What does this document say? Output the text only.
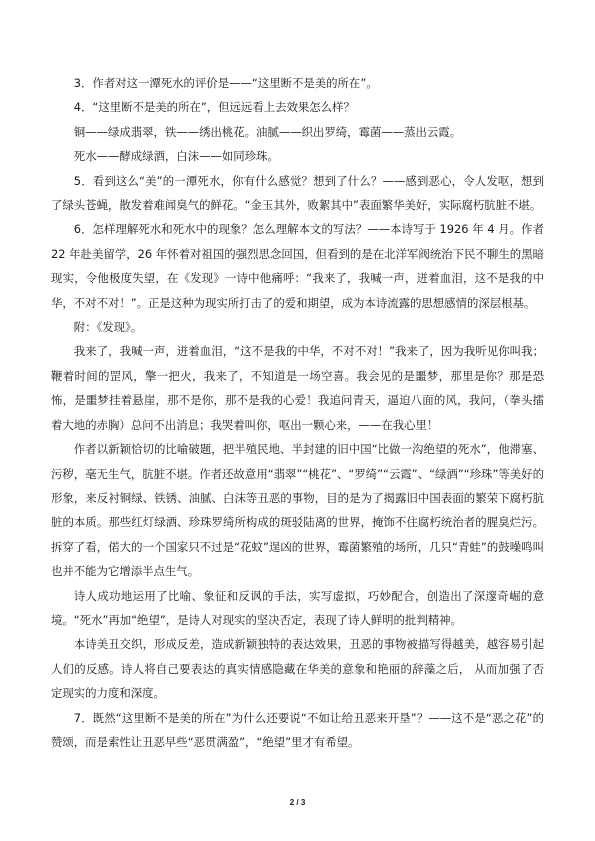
3．作者对这一潭死水的评价是——“这里断不是美的所在”。

4．“这里断不是美的所在”，但远远看上去效果怎么样？

铜——绿成翡翠，铁——绣出桃花。油腻——织出罗绮，霉菌——蒸出云霞。

死水——酵成绿酒，白沫——如同珍珠。

5．看到这么“美”的一潭死水，你有什么感觉？想到了什么？——感到恶心，令人发呕，想到了绿头苍蝇，散发着难闻臭气的鲜花。“金玉其外，败絮其中”表面繁华美好，实际腐朽肮脏不堪。

6．怎样理解死水和死水中的现象？怎么理解本文的写法？——本诗写于 1926 年 4 月。作者 22 年赴美留学，26 年怀着对祖国的强烈思念回国，但看到的是在北洋军阀统治下民不聊生的黑暗现实，令他极度失望，在《发现》一诗中他痛呼：“我来了，我喊一声，迸着血泪，这不是我的中华，不对不对！”。正是这种为现实所打击了的爱和期望，成为本诗流露的思想感情的深层根基。

附：《发现》。

我来了，我喊一声，迸着血泪，“这不是我的中华，不对不对！”我来了，因为我听见你叫我；鞭着时间的罡风，擎一把火，我来了，不知道是一场空喜。我会见的是噩梦，那里是你？那是恐怖，是噩梦挂着悬崖，那不是你，那不是我的心爱！我追问青天，逼迫八面的风，我问，（拳头擂着大地的赤胸）总问不出消息；我哭着叫你，呕出一颗心来，——在我心里！

作者以新颖恰切的比喻破题，把半殖民地、半封建的旧中国“比做一沟绝望的死水”，他滞塞、污秽，毫无生气，肮脏不堪。作者还故意用“翡翠”“桃花”、“罗绮”“云霞”、“绿酒”“珍珠”等美好的形象，来反衬铜绿、铁锈、油腻、白沫等丑恶的事物，目的是为了揭露旧中国表面的繁荣下腐朽肮脏的本质。那些红灯绿酒、珍珠罗绮所构成的斑驳陆离的世界，掩饰不住腐朽统治者的腥臭烂污。拆穿了看，偌大的一个国家只不过是“花蚊”逞凶的世界，霉菌繁殖的场所，几只“青蛙”的鼓噪鸣叫也并不能为它增添半点生气。

诗人成功地运用了比喻、象征和反讽的手法，实写虚拟，巧妙配合，创造出了深邃奇崛的意境。“死水”再加“绝望”，是诗人对现实的坚决否定，表现了诗人鲜明的批判精神。

本诗美丑交织，形成反差，造成新颖独特的表达效果，丑恶的事物被描写得越美，越容易引起人们的反感。诗人将自己要表达的真实情感隐藏在华美的意象和艳丽的辞藻之后， 从而加强了否定现实的力度和深度。

7．既然“这里断不是美的所在”为什么还要说“不如让给丑恶来开垦”？——这不是“恶之花”的赞颂，而是索性让丑恶早些“恶贯满盈”，“绝望”里才有希望。

2 / 3
